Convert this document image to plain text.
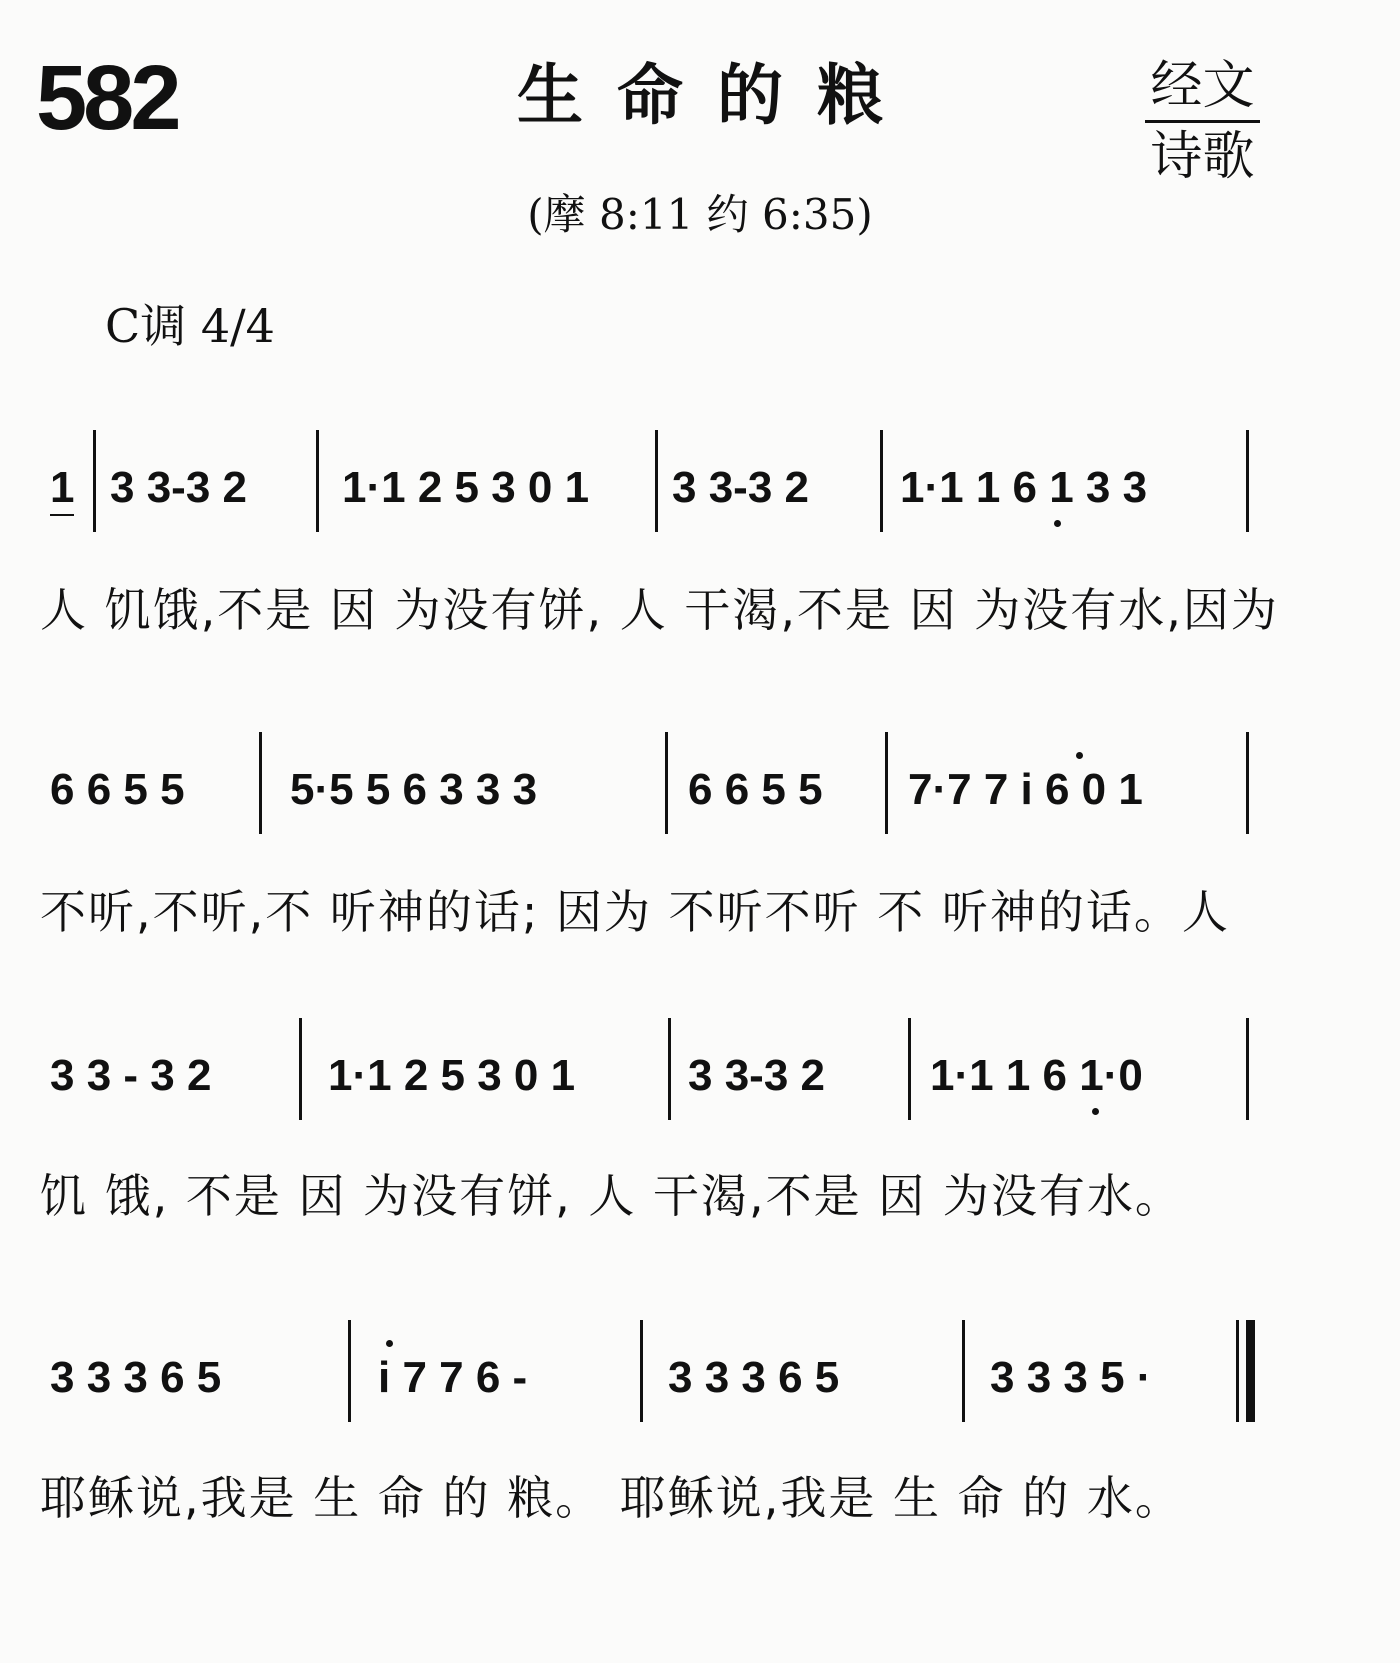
582	生命的粮
(摩 8:11 约 6:35)
经文
诗歌
C调 4/4
1 3 3-3 2 1·1 2 5 3 0 1 3 3-3 2 1·1 1 6 1 3 3
人 饥饿,不是 因 为没有饼, 人 干渴,不是 因 为没有水,因为
6 6 5 5 5·5 5 6 3 3 3	6 6 5 5 7·7 7 i 6 0 1
不听,不听,不 听神的话; 因为 不听不听 不 听神的话。人
3 3 - 3 2	1·1 2 5 3 0 1	3 3-3 2 1·1 1 6 1·0
饥 饿, 不是 因 为没有饼, 人 干渴,不是 因 为没有水。
3 3 3 6 5	i 7 7 6 -	3 3 3 6 5	3 3 3 5 ·
耶稣说,我是 生 命 的 粮。 耶稣说,我是 生 命 的 水。
